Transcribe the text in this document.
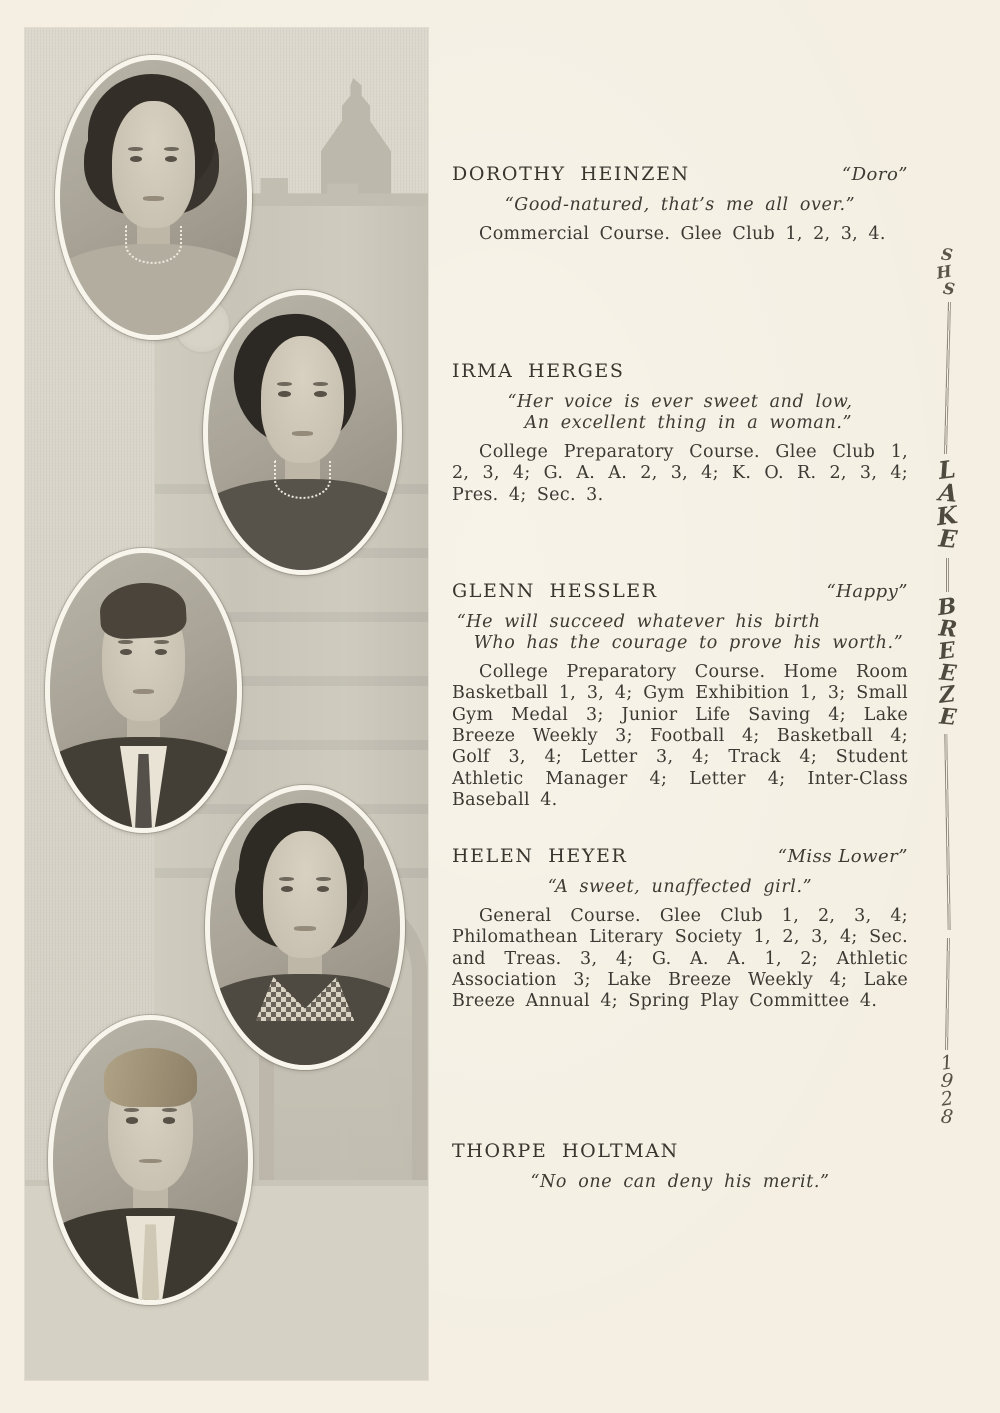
DOROTHY HEINZEN	“Doro”
“Good-natured, that’s me all over.”

Commercial Course. Glee Club 1, 2, 3, 4.

IRMA HERGES
“Her voice is ever sweet and low,
An excellent thing in a woman.”

College Preparatory Course. Glee Club 1, 2, 3, 4; G. A. A. 2, 3, 4; K. O. R. 2, 3, 4; Pres. 4; Sec. 3.

GLENN HESSLER	“Happy”
“He will succeed whatever his birth
Who has the courage to prove his worth.”

College Preparatory Course. Home Room Basketball 1, 3, 4; Gym Exhibition 1, 3; Small Gym Medal 3; Junior Life Saving 4; Lake Breeze Weekly 3; Football 4; Basketball 4; Golf 3, 4; Letter 3, 4; Track 4; Student Athletic Manager 4; Letter 4; Inter-Class Baseball 4.

HELEN HEYER	“Miss Lower”
“A sweet, unaffected girl.”

General Course. Glee Club 1, 2, 3, 4; Philomathean Literary Society 1, 2, 3, 4; Sec. and Treas. 3, 4; G. A. A. 1, 2; Athletic Association 3; Lake Breeze Weekly 4; Lake Breeze Annual 4; Spring Play Committee 4.

THORPE HOLTMAN
“No one can deny his merit.”
S
H
S
L
A
K
E
B
R
E
E
Z
E
1
9
2
8
